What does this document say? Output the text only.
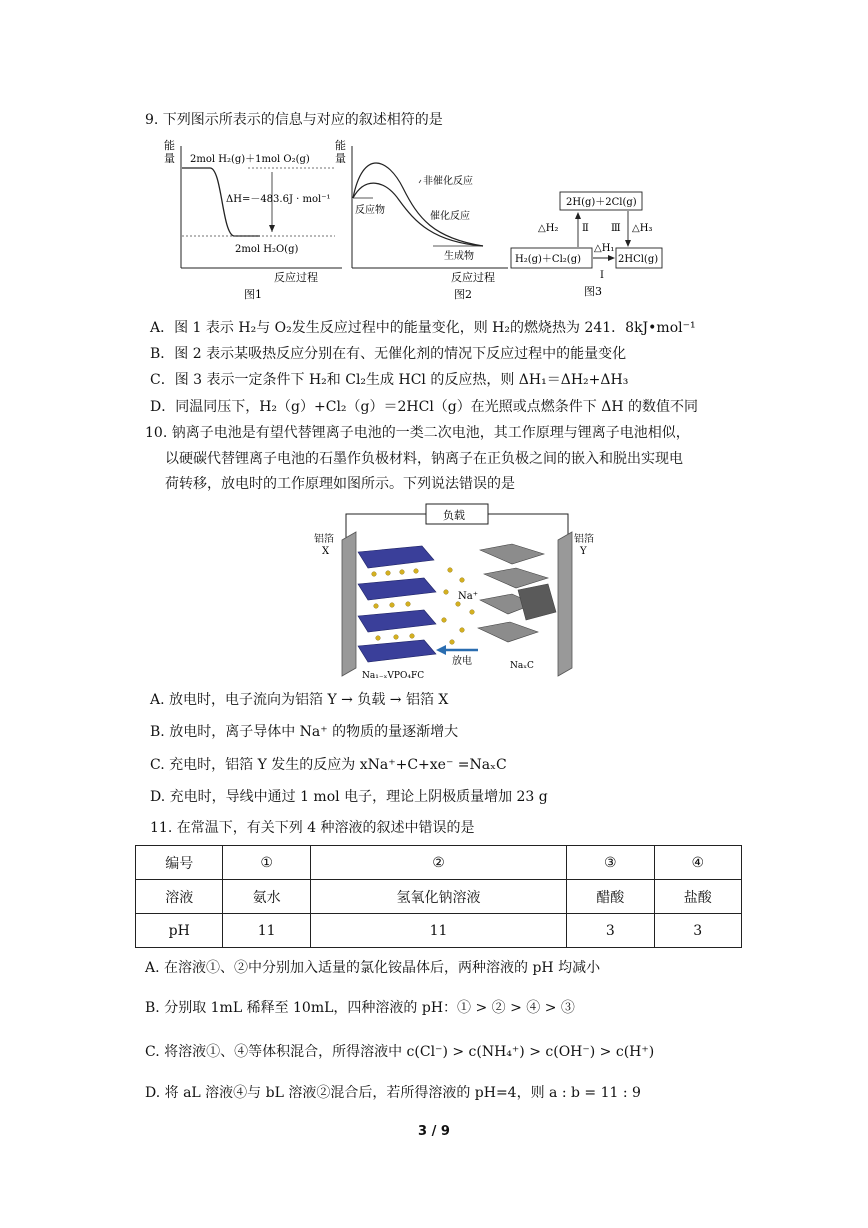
9. 下列图示所表示的信息与对应的叙述相符的是
能
量 2mol H₂(g)＋1mol O₂(g)
ΔH=－483.6J · mol⁻¹
2mol H₂O(g)
反应过程
图1
能
量
非催化反应
催化反应
反应物
生成物
反应过程
图2
2H(g)＋2Cl(g)
H₂(g)＋Cl₂(g)	2HCl(g)
△H₂ Ⅱ Ⅲ △H₃
△H₁
Ⅰ
图3
A．图 1 表示 H₂与 O₂发生反应过程中的能量变化，则 H₂的燃烧热为 241．8kJ•mol⁻¹
B．图 2 表示某吸热反应分别在有、无催化剂的情况下反应过程中的能量变化
C．图 3 表示一定条件下 H₂和 Cl₂生成 HCl 的反应热，则 ΔH₁＝ΔH₂+ΔH₃
D．同温同压下，H₂（g）+Cl₂（g）＝2HCl（g）在光照或点燃条件下 ΔH 的数值不同
10. 钠离子电池是有望代替锂离子电池的一类二次电池，其工作原理与锂离子电池相似，
以硬碳代替锂离子电池的石墨作负极材料，钠离子在正负极之间的嵌入和脱出实现电
荷转移，放电时的工作原理如图所示。下列说法错误的是
负载
铝箔
X
铝箔
Y
Na⁺
放电
Na₁₋ₓVPO₄FC
NaₓC
A. 放电时，电子流向为铝箔 Y → 负载 → 铝箔 X
B. 放电时，离子导体中 Na⁺ 的物质的量逐渐增大
C. 充电时，铝箔 Y 发生的反应为 xNa⁺+C+xe⁻ =NaₓC
D. 充电时，导线中通过 1 mol 电子，理论上阴极质量增加 23 g
11. 在常温下，有关下列 4 种溶液的叙述中错误的是
编号	①	②	③	④
溶液	氨水	氢氧化钠溶液	醋酸	盐酸
pH	11	11	3	3
A. 在溶液①、②中分别加入适量的氯化铵晶体后，两种溶液的 pH 均减小
B. 分别取 1mL 稀释至 10mL，四种溶液的 pH：① > ② > ④ > ③
C. 将溶液①、④等体积混合，所得溶液中 c(Cl⁻) > c(NH₄⁺) > c(OH⁻) > c(H⁺)
D. 将 aL 溶液④与 bL 溶液②混合后，若所得溶液的 pH=4，则 a : b = 11 : 9
3 / 9
